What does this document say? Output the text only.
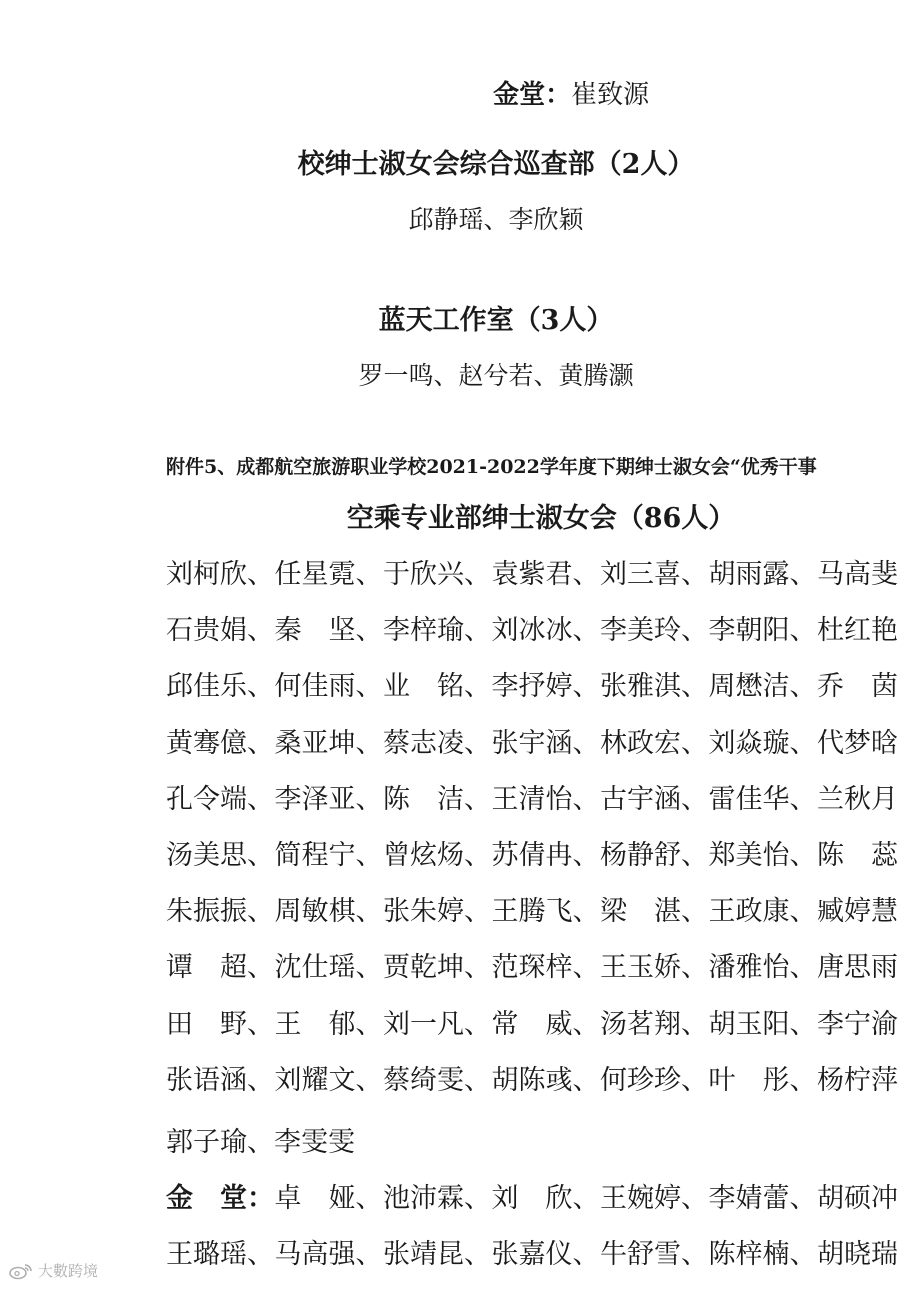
金堂：崔致源

校绅士淑女会综合巡查部（2人）
邱静瑶、李欣颖
蓝天工作室（3人）
罗一鸣、赵兮若、黄腾灏
附件5、成都航空旅游职业学校2021-2022学年度下期绅士淑女会“优秀干事
空乘专业部绅士淑女会（86人）
刘柯欣、 任星霓、 于欣兴、 袁紫君、 刘三喜、 胡雨露、 马高斐
石贵娟、 秦　坚、 李梓瑜、 刘冰冰、 李美玲、 李朝阳、 杜红艳
邱佳乐、 何佳雨、 业　铭、 李抒婷、 张雅淇、 周懋洁、 乔　茵
黄骞億、 桑亚坤、 蔡志凌、 张宇涵、 林政宏、 刘焱璇、 代梦晗
孔令端、 李泽亚、 陈　洁、 王清怡、 古宇涵、 雷佳华、 兰秋月
汤美思、 简程宁、 曾炫炀、 苏倩冉、 杨静舒、 郑美怡、 陈　蕊
朱振振、 周敏棋、 张朱婷、 王腾飞、 梁　湛、 王政康、 臧婷慧
谭　超、 沈仕瑶、 贾乾坤、 范琛梓、 王玉娇、 潘雅怡、 唐思雨
田　野、 王　郁、 刘一凡、 常　威、 汤茗翔、 胡玉阳、 李宁渝
张语涵、 刘耀文、 蔡绮雯、 胡陈彧、 何珍珍、 叶　彤、 杨柠萍
郭子瑜、李雯雯
金　堂： 卓　娅、 池沛霖、 刘　欣、 王婉婷、 李婧蕾、 胡硕冲
王璐瑶、 马高强、 张靖昆、 张嘉仪、 牛舒雪、 陈梓楠、 胡晓瑞
大數跨境
